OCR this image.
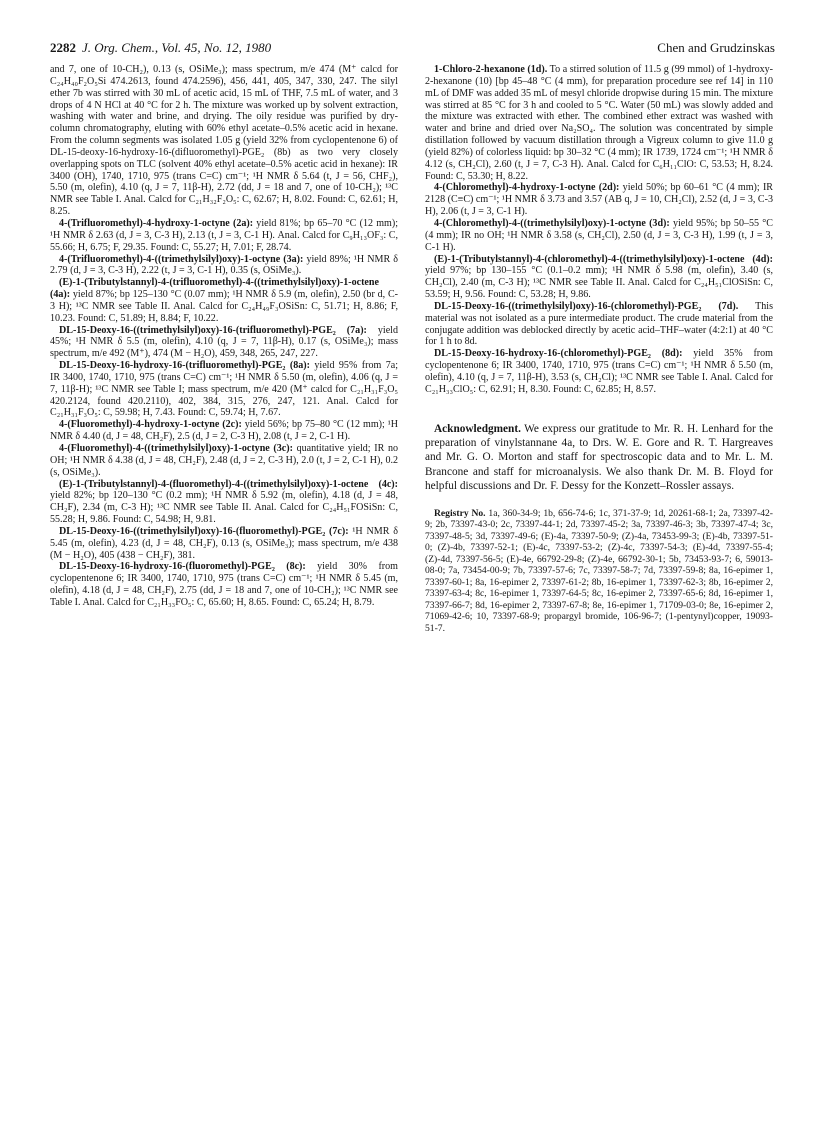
2282 J. Org. Chem., Vol. 45, No. 12, 1980	Chen and Grudzinskas

and 7, one of 10-CH₂), 0.13 (s, OSiMe₃); mass spectrum, m/e 474 (M⁺ calcd for C₂₄H₄₀F₂O₅Si 474.2613, found 474.2596), 456, 441, 405, 347, 330, 247. The silyl ether 7b was stirred with 30 mL of acetic acid, 15 mL of THF, 7.5 mL of water, and 3 drops of 4 N HCl at 40 °C for 2 h. The mixture was worked up by solvent extraction, washing with water and brine, and drying. The oily residue was purified by dry-column chromatography, eluting with 60% ethyl acetate–0.5% acetic acid in hexane. From the column segments was isolated 1.05 g (yield 32% from cyclopentenone 6) of DL-15-deoxy-16-hydroxy-16-(difluoromethyl)-PGE₂ (8b) as two very closely overlapping spots on TLC (solvent 40% ethyl acetate–0.5% acetic acid in hexane): IR 3400 (OH), 1740, 1710, 975 (trans C=C) cm⁻¹; ¹H NMR δ 5.64 (t, J = 56, CHF₂), 5.50 (m, olefin), 4.10 (q, J = 7, 11β-H), 2.72 (dd, J = 18 and 7, one of 10-CH₂); ¹³C NMR see Table I. Anal. Calcd for C₂₁H₃₂F₂O₅: C, 62.67; H, 8.02. Found: C, 62.61; H, 8.25.

4-(Trifluoromethyl)-4-hydroxy-1-octyne (2a): yield 81%; bp 65–70 °C (12 mm); ¹H NMR δ 2.63 (d, J = 3, C-3 H), 2.13 (t, J = 3, C-1 H). Anal. Calcd for C₉H₁₃OF₃: C, 55.66; H, 6.75; F, 29.35. Found: C, 55.27; H, 7.01; F, 28.74.

4-(Trifluoromethyl)-4-((trimethylsilyl)oxy)-1-octyne (3a): yield 89%; ¹H NMR δ 2.79 (d, J = 3, C-3 H), 2.22 (t, J = 3, C-1 H), 0.35 (s, OSiMe₃).

(E)-1-(Tributylstannyl)-4-(trifluoromethyl)-4-((trimethylsilyl)oxy)-1-octene (4a): yield 87%; bp 125–130 °C (0.07 mm); ¹H NMR δ 5.9 (m, olefin), 2.50 (br d, C-3 H); ¹³C NMR see Table II. Anal. Calcd for C₂₄H₄₉F₃OSiSn: C, 51.71; H, 8.86; F, 10.23. Found: C, 51.89; H, 8.84; F, 10.22.

DL-15-Deoxy-16-((trimethylsilyl)oxy)-16-(trifluoromethyl)-PGE₂ (7a): yield 45%; ¹H NMR δ 5.5 (m, olefin), 4.10 (q, J = 7, 11β-H), 0.17 (s, OSiMe₃); mass spectrum, m/e 492 (M⁺), 474 (M − H₂O), 459, 348, 265, 247, 227.

DL-15-Deoxy-16-hydroxy-16-(trifluoromethyl)-PGE₂ (8a): yield 95% from 7a; IR 3400, 1740, 1710, 975 (trans C=C) cm⁻¹; ¹H NMR δ 5.50 (m, olefin), 4.06 (q, J = 7, 11β-H); ¹³C NMR see Table I; mass spectrum, m/e 420 (M⁺ calcd for C₂₁H₃₁F₃O₅ 420.2124, found 420.2110), 402, 384, 315, 276, 247, 121. Anal. Calcd for C₂₁H₃₁F₃O₅: C, 59.98; H, 7.43. Found: C, 59.74; H, 7.67.

4-(Fluoromethyl)-4-hydroxy-1-octyne (2c): yield 56%; bp 75–80 °C (12 mm); ¹H NMR δ 4.40 (d, J = 48, CH₂F), 2.5 (d, J = 2, C-3 H), 2.08 (t, J = 2, C-1 H).

4-(Fluoromethyl)-4-((trimethylsilyl)oxy)-1-octyne (3c): quantitative yield; IR no OH; ¹H NMR δ 4.38 (d, J = 48, CH₂F), 2.48 (d, J = 2, C-3 H), 2.0 (t, J = 2, C-1 H), 0.2 (s, OSiMe₃).

(E)-1-(Tributylstannyl)-4-(fluoromethyl)-4-((trimethylsilyl)oxy)-1-octene (4c): yield 82%; bp 120–130 °C (0.2 mm); ¹H NMR δ 5.92 (m, olefin), 4.18 (d, J = 48, CH₂F), 2.34 (m, C-3 H); ¹³C NMR see Table II. Anal. Calcd for C₂₄H₅₁FOSiSn: C, 55.28; H, 9.86. Found: C, 54.98; H, 9.81.

DL-15-Deoxy-16-((trimethylsilyl)oxy)-16-(fluoromethyl)-PGE₂ (7c): ¹H NMR δ 5.45 (m, olefin), 4.23 (d, J = 48, CH₂F), 0.13 (s, OSiMe₃); mass spectrum, m/e 438 (M − H₂O), 405 (438 − CH₂F), 381.

DL-15-Deoxy-16-hydroxy-16-(fluoromethyl)-PGE₂ (8c): yield 30% from cyclopentenone 6; IR 3400, 1740, 1710, 975 (trans C=C) cm⁻¹; ¹H NMR δ 5.45 (m, olefin), 4.18 (d, J = 48, CH₂F), 2.75 (dd, J = 18 and 7, one of 10-CH₂); ¹³C NMR see Table I. Anal. Calcd for C₂₁H₃₃FO₅: C, 65.60; H, 8.65. Found: C, 65.24; H, 8.79.

1-Chloro-2-hexanone (1d). To a stirred solution of 11.5 g (99 mmol) of 1-hydroxy-2-hexanone (10) [bp 45–48 °C (4 mm), for preparation procedure see ref 14] in 110 mL of DMF was added 35 mL of mesyl chloride dropwise during 15 min. The mixture was stirred at 85 °C for 3 h and cooled to 5 °C. Water (50 mL) was slowly added and the mixture was extracted with ether. The combined ether extract was washed with water and brine and dried over Na₂SO₄. The solution was concentrated by simple distillation followed by vacuum distillation through a Vigreux column to give 11.0 g (yield 82%) of colorless liquid: bp 30–32 °C (4 mm); IR 1739, 1724 cm⁻¹; ¹H NMR δ 4.12 (s, CH₂Cl), 2.60 (t, J = 7, C-3 H). Anal. Calcd for C₆H₁₁ClO: C, 53.53; H, 8.24. Found: C, 53.30; H, 8.22.

4-(Chloromethyl)-4-hydroxy-1-octyne (2d): yield 50%; bp 60–61 °C (4 mm); IR 2128 (C≡C) cm⁻¹; ¹H NMR δ 3.73 and 3.57 (AB q, J = 10, CH₂Cl), 2.52 (d, J = 3, C-3 H), 2.06 (t, J = 3, C-1 H).

4-(Chloromethyl)-4-((trimethylsilyl)oxy)-1-octyne (3d): yield 95%; bp 50–55 °C (4 mm); IR no OH; ¹H NMR δ 3.58 (s, CH₂Cl), 2.50 (d, J = 3, C-3 H), 1.99 (t, J = 3, C-1 H).

(E)-1-(Tributylstannyl)-4-(chloromethyl)-4-((trimethylsilyl)oxy)-1-octene (4d): yield 97%; bp 130–155 °C (0.1–0.2 mm); ¹H NMR δ 5.98 (m, olefin), 3.40 (s, CH₂Cl), 2.40 (m, C-3 H); ¹³C NMR see Table II. Anal. Calcd for C₂₄H₅₁ClOSiSn: C, 53.59; H, 9.56. Found: C, 53.28; H, 9.86.

DL-15-Deoxy-16-((trimethylsilyl)oxy)-16-(chloromethyl)-PGE₂ (7d). This material was not isolated as a pure intermediate product. The crude material from the conjugate addition was deblocked directly by acetic acid–THF–water (4:2:1) at 40 °C for 1 h to 8d.

DL-15-Deoxy-16-hydroxy-16-(chloromethyl)-PGE₂ (8d): yield 35% from cyclopentenone 6; IR 3400, 1740, 1710, 975 (trans C=C) cm⁻¹; ¹H NMR δ 5.50 (m, olefin), 4.10 (q, J = 7, 11β-H), 3.53 (s, CH₂Cl); ¹³C NMR see Table I. Anal. Calcd for C₂₁H₃₃ClO₅: C, 62.91; H, 8.30. Found: C, 62.85; H, 8.57.

Acknowledgment. We express our gratitude to Mr. R. H. Lenhard for the preparation of vinylstannane 4a, to Drs. W. E. Gore and R. T. Hargreaves and Mr. G. O. Morton and staff for spectroscopic data and to Mr. L. M. Brancone and staff for microanalysis. We also thank Dr. M. B. Floyd for helpful discussions and Dr. F. Dessy for the Konzett–Rossler assays.

Registry No. 1a, 360-34-9; 1b, 656-74-6; 1c, 371-37-9; 1d, 20261-68-1; 2a, 73397-42-9; 2b, 73397-43-0; 2c, 73397-44-1; 2d, 73397-45-2; 3a, 73397-46-3; 3b, 73397-47-4; 3c, 73397-48-5; 3d, 73397-49-6; (E)-4a, 73397-50-9; (Z)-4a, 73453-99-3; (E)-4b, 73397-51-0; (Z)-4b, 73397-52-1; (E)-4c, 73397-53-2; (Z)-4c, 73397-54-3; (E)-4d, 73397-55-4; (Z)-4d, 73397-56-5; (E)-4e, 66792-29-8; (Z)-4e, 66792-30-1; 5b, 73453-93-7; 6, 59013-08-0; 7a, 73454-00-9; 7b, 73397-57-6; 7c, 73397-58-7; 7d, 73397-59-8; 8a, 16-epimer 1, 73397-60-1; 8a, 16-epimer 2, 73397-61-2; 8b, 16-epimer 1, 73397-62-3; 8b, 16-epimer 2, 73397-63-4; 8c, 16-epimer 1, 73397-64-5; 8c, 16-epimer 2, 73397-65-6; 8d, 16-epimer 1, 73397-66-7; 8d, 16-epimer 2, 73397-67-8; 8e, 16-epimer 1, 71709-03-0; 8e, 16-epimer 2, 71069-42-6; 10, 73397-68-9; propargyl bromide, 106-96-7; (1-pentynyl)copper, 19093-51-7.
